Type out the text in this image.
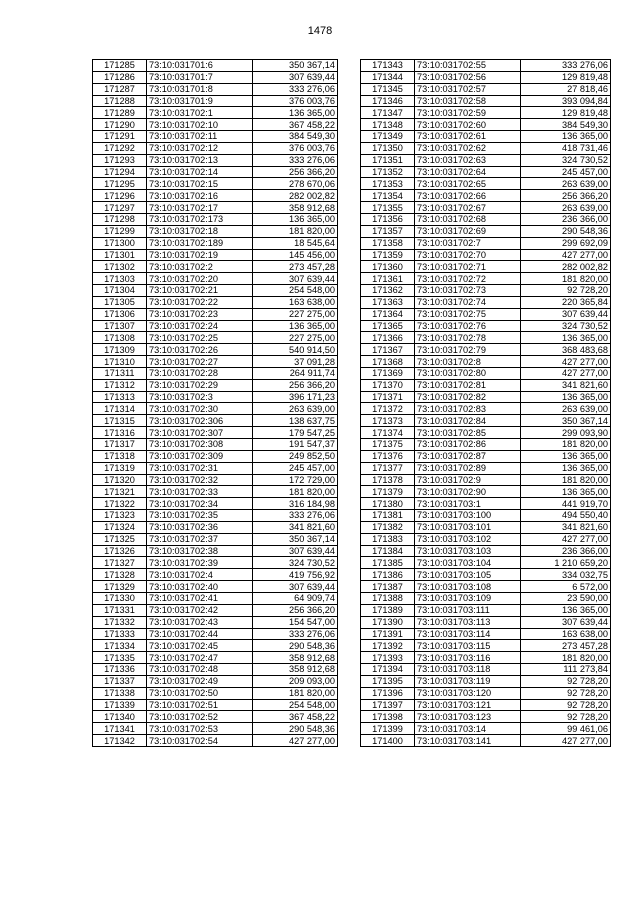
1478
171285	73:10:031701:6	350 367,14
171286	73:10:031701:7	307 639,44
171287	73:10:031701:8	333 276,06
171288	73:10:031701:9	376 003,76
171289	73:10:031702:1	136 365,00
171290	73:10:031702:10	367 458,22
171291	73:10:031702:11	384 549,30
171292	73:10:031702:12	376 003,76
171293	73:10:031702:13	333 276,06
171294	73:10:031702:14	256 366,20
171295	73:10:031702:15	278 670,06
171296	73:10:031702:16	282 002,82
171297	73:10:031702:17	358 912,68
171298	73:10:031702:173	136 365,00
171299	73:10:031702:18	181 820,00
171300	73:10:031702:189	18 545,64
171301	73:10:031702:19	145 456,00
171302	73:10:031702:2	273 457,28
171303	73:10:031702:20	307 639,44
171304	73:10:031702:21	254 548,00
171305	73:10:031702:22	163 638,00
171306	73:10:031702:23	227 275,00
171307	73:10:031702:24	136 365,00
171308	73:10:031702:25	227 275,00
171309	73:10:031702:26	540 914,50
171310	73:10:031702:27	37 091,28
171311	73:10:031702:28	264 911,74
171312	73:10:031702:29	256 366,20
171313	73:10:031702:3	396 171,23
171314	73:10:031702:30	263 639,00
171315	73:10:031702:306	138 637,75
171316	73:10:031702:307	179 547,25
171317	73:10:031702:308	191 547,37
171318	73:10:031702:309	249 852,50
171319	73:10:031702:31	245 457,00
171320	73:10:031702:32	172 729,00
171321	73:10:031702:33	181 820,00
171322	73:10:031702:34	316 184,98
171323	73:10:031702:35	333 276,06
171324	73:10:031702:36	341 821,60
171325	73:10:031702:37	350 367,14
171326	73:10:031702:38	307 639,44
171327	73:10:031702:39	324 730,52
171328	73:10:031702:4	419 756,92
171329	73:10:031702:40	307 639,44
171330	73:10:031702:41	64 909,74
171331	73:10:031702:42	256 366,20
171332	73:10:031702:43	154 547,00
171333	73:10:031702:44	333 276,06
171334	73:10:031702:45	290 548,36
171335	73:10:031702:47	358 912,68
171336	73:10:031702:48	358 912,68
171337	73:10:031702:49	209 093,00
171338	73:10:031702:50	181 820,00
171339	73:10:031702:51	254 548,00
171340	73:10:031702:52	367 458,22
171341	73:10:031702:53	290 548,36
171342	73:10:031702:54	427 277,00
171343	73:10:031702:55	333 276,06
171344	73:10:031702:56	129 819,48
171345	73:10:031702:57	27 818,46
171346	73:10:031702:58	393 094,84
171347	73:10:031702:59	129 819,48
171348	73:10:031702:60	384 549,30
171349	73:10:031702:61	136 365,00
171350	73:10:031702:62	418 731,46
171351	73:10:031702:63	324 730,52
171352	73:10:031702:64	245 457,00
171353	73:10:031702:65	263 639,00
171354	73:10:031702:66	256 366,20
171355	73:10:031702:67	263 639,00
171356	73:10:031702:68	236 366,00
171357	73:10:031702:69	290 548,36
171358	73:10:031702:7	299 692,09
171359	73:10:031702:70	427 277,00
171360	73:10:031702:71	282 002,82
171361	73:10:031702:72	181 820,00
171362	73:10:031702:73	92 728,20
171363	73:10:031702:74	220 365,84
171364	73:10:031702:75	307 639,44
171365	73:10:031702:76	324 730,52
171366	73:10:031702:78	136 365,00
171367	73:10:031702:79	368 483,68
171368	73:10:031702:8	427 277,00
171369	73:10:031702:80	427 277,00
171370	73:10:031702:81	341 821,60
171371	73:10:031702:82	136 365,00
171372	73:10:031702:83	263 639,00
171373	73:10:031702:84	350 367,14
171374	73:10:031702:85	299 093,90
171375	73:10:031702:86	181 820,00
171376	73:10:031702:87	136 365,00
171377	73:10:031702:89	136 365,00
171378	73:10:031702:9	181 820,00
171379	73:10:031702:90	136 365,00
171380	73:10:031703:1	441 919,70
171381	73:10:031703:100	494 550,40
171382	73:10:031703:101	341 821,60
171383	73:10:031703:102	427 277,00
171384	73:10:031703:103	236 366,00
171385	73:10:031703:104	1 210 659,20
171386	73:10:031703:105	334 032,75
171387	73:10:031703:108	6 572,00
171388	73:10:031703:109	23 590,00
171389	73:10:031703:111	136 365,00
171390	73:10:031703:113	307 639,44
171391	73:10:031703:114	163 638,00
171392	73:10:031703:115	273 457,28
171393	73:10:031703:116	181 820,00
171394	73:10:031703:118	111 273,84
171395	73:10:031703:119	92 728,20
171396	73:10:031703:120	92 728,20
171397	73:10:031703:121	92 728,20
171398	73:10:031703:123	92 728,20
171399	73:10:031703:14	99 461,06
171400	73:10:031703:141	427 277,00
